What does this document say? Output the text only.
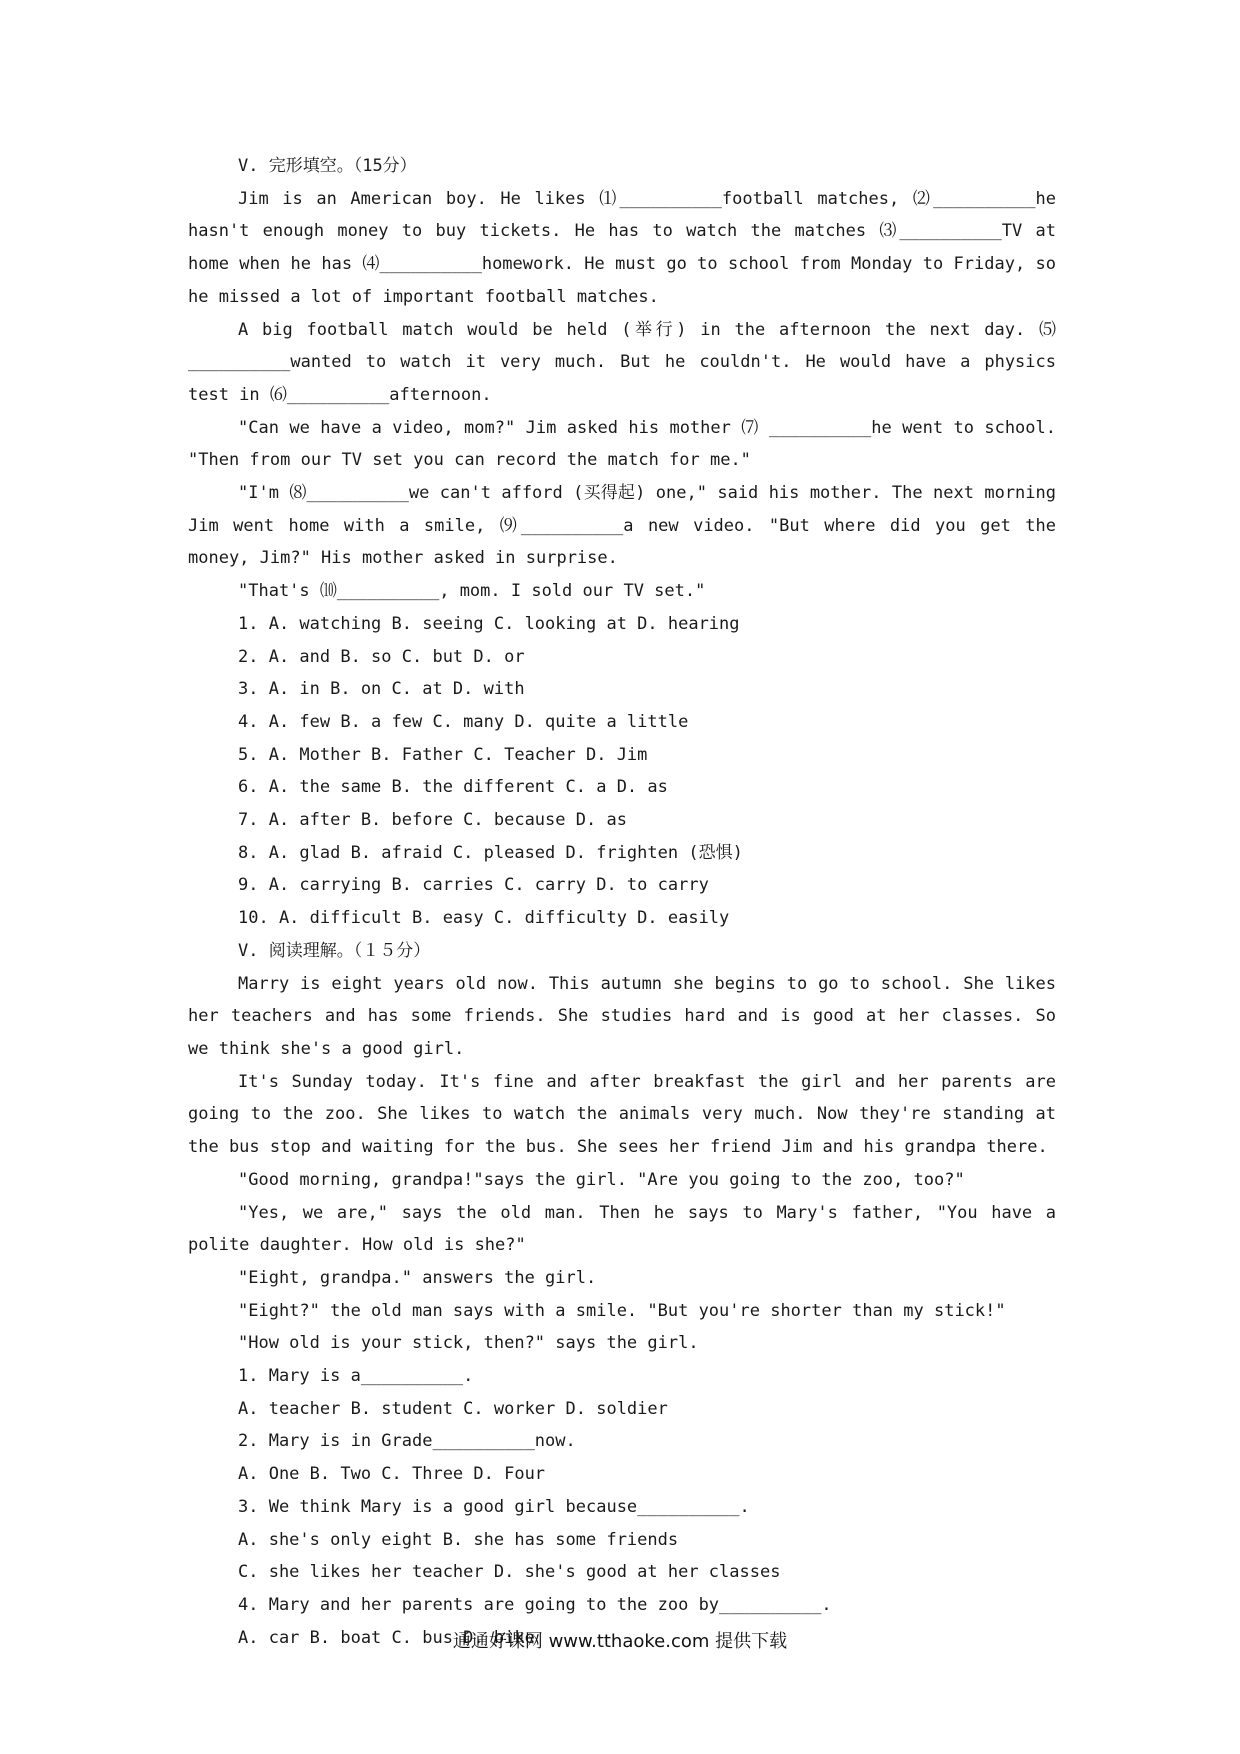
V. 完形填空。（15分）

Jim is an American boy. He likes ⑴__________football matches, ⑵__________he hasn't enough money to buy tickets. He has to watch the matches ⑶__________TV at home when he has ⑷__________homework. He must go to school from Monday to Friday, so he missed a lot of important football matches.

A big football match would be held (举行) in the afternoon the next day. ⑸ __________wanted to watch it very much. But he couldn't. He would have a physics test in ⑹__________afternoon.

"Can we have a video, mom?" Jim asked his mother ⑺ __________he went to school. "Then from our TV set you can record the match for me."

"I'm ⑻__________we can't afford (买得起) one," said his mother. The next morning Jim went home with a smile, ⑼__________a new video. "But where did you get the money, Jim?" His mother asked in surprise.

"That's ⑽__________, mom. I sold our TV set."

1. A. watching B. seeing C. looking at D. hearing

2. A. and B. so C. but D. or

3. A. in B. on C. at D. with

4. A. few B. a few C. many D. quite a little

5. A. Mother B. Father C. Teacher D. Jim

6. A. the same B. the different C. a D. as

7. A. after B. before C. because D. as

8. A. glad B. afraid C. pleased D. frighten (恐惧)

9. A. carrying B. carries C. carry D. to carry

10. A. difficult B. easy C. difficulty D. easily

V. 阅读理解。（１５分）

Marry is eight years old now. This autumn she begins to go to school. She likes her teachers and has some friends. She studies hard and is good at her classes. So we think she's a good girl.

It's Sunday today. It's fine and after breakfast the girl and her parents are going to the zoo. She likes to watch the animals very much. Now they're standing at the bus stop and waiting for the bus. She sees her friend Jim and his grandpa there.

"Good morning, grandpa!"says the girl. "Are you going to the zoo, too?"

"Yes, we are," says the old man. Then he says to Mary's father, "You have a polite daughter. How old is she?"

"Eight, grandpa." answers the girl.

"Eight?" the old man says with a smile. "But you're shorter than my stick!"

"How old is your stick, then?" says the girl.

1. Mary is a__________.

A. teacher B. student C. worker D. soldier

2. Mary is in Grade__________now.

A. One B. Two C. Three D. Four

3. We think Mary is a good girl because__________.

A. she's only eight B. she has some friends

C. she likes her teacher D. she's good at her classes

4. Mary and her parents are going to the zoo by__________.

A. car B. boat C. bus D. bike

通通好课网 www.tthaoke.com 提供下载
